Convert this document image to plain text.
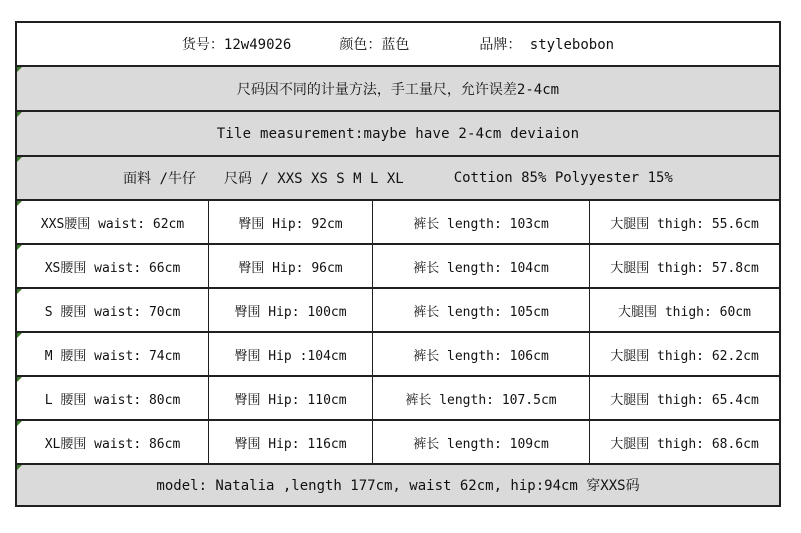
货号：12w49026	颜色：蓝色	品牌： stylebobon
尺码因不同的计量方法，手工量尺，允许误差2-4cm
Tile measurement:maybe have 2-4cm deviaion
面料 /牛仔 尺码 / XXS XS S M L XL	Cottion 85% Polyyester 15%
XXS腰围 waist: 62cm	臀围 Hip: 92cm	裤长 length: 103cm	大腿围 thigh: 55.6cm
XS腰围 waist: 66cm	臀围 Hip: 96cm	裤长 length: 104cm	大腿围 thigh: 57.8cm
S 腰围 waist: 70cm	臀围 Hip: 100cm	裤长 length: 105cm	大腿围 thigh: 60cm
M 腰围 waist: 74cm	臀围 Hip :104cm	裤长 length: 106cm	大腿围 thigh: 62.2cm
L 腰围 waist: 80cm	臀围 Hip: 110cm	裤长 length: 107.5cm	大腿围 thigh: 65.4cm
XL腰围 waist: 86cm	臀围 Hip: 116cm	裤长 length: 109cm	大腿围 thigh: 68.6cm
model: Natalia ,length 177cm, waist 62cm, hip:94cm 穿XXS码
